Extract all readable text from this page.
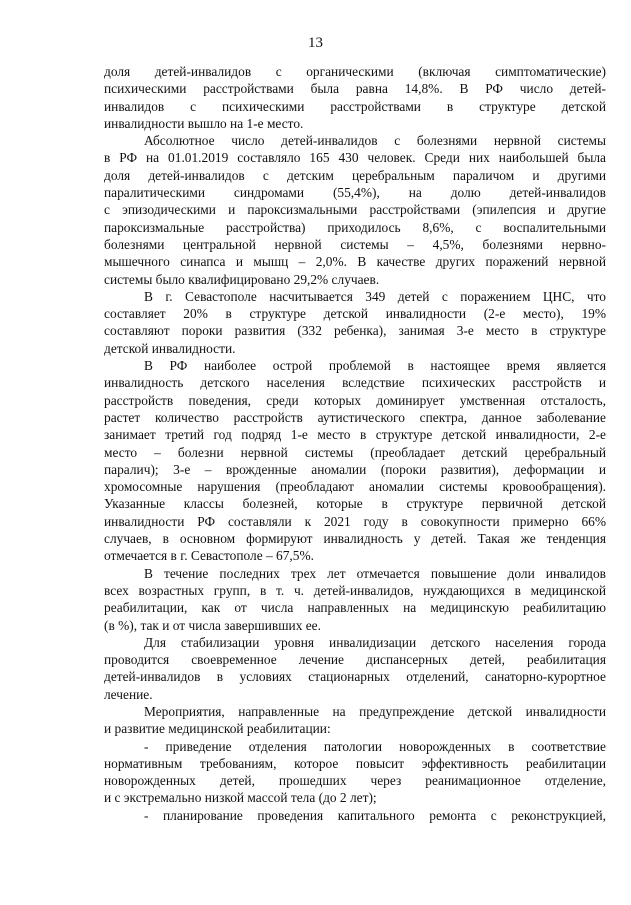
13
доля детей-инвалидов с органическими (включая симптоматические)
психическими расстройствами была равна 14,8%. В РФ число детей-
инвалидов с психическими расстройствами в структуре детской
инвалидности вышло на 1-е место.
Абсолютное число детей-инвалидов с болезнями нервной системы
в РФ на 01.01.2019 составляло 165 430 человек. Среди них наибольшей была
доля детей-инвалидов с детским церебральным параличом и другими
паралитическими синдромами (55,4%), на долю детей-инвалидов
с эпизодическими и пароксизмальными расстройствами (эпилепсия и другие
пароксизмальные расстройства) приходилось 8,6%, с воспалительными
болезнями центральной нервной системы – 4,5%, болезнями нервно-
мышечного синапса и мышц – 2,0%. В качестве других поражений нервной
системы было квалифицировано 29,2% случаев.
В г. Севастополе насчитывается 349 детей с поражением ЦНС, что
составляет 20% в структуре детской инвалидности (2-е место), 19%
составляют пороки развития (332 ребенка), занимая 3-е место в структуре
детской инвалидности.
В РФ наиболее острой проблемой в настоящее время является
инвалидность детского населения вследствие психических расстройств и
расстройств поведения, среди которых доминирует умственная отсталость,
растет количество расстройств аутистического спектра, данное заболевание
занимает третий год подряд 1-е место в структуре детской инвалидности, 2-е
место – болезни нервной системы (преобладает детский церебральный
паралич); 3-е – врожденные аномалии (пороки развития), деформации и
хромосомные нарушения (преобладают аномалии системы кровообращения).
Указанные классы болезней, которые в структуре первичной детской
инвалидности РФ составляли к 2021 году в совокупности примерно 66%
случаев, в основном формируют инвалидность у детей. Такая же тенденция
отмечается в г. Севастополе – 67,5%.
В течение последних трех лет отмечается повышение доли инвалидов
всех возрастных групп, в т. ч. детей-инвалидов, нуждающихся в медицинской
реабилитации, как от числа направленных на медицинскую реабилитацию
(в %), так и от числа завершивших ее.
Для стабилизации уровня инвалидизации детского населения города
проводится своевременное лечение диспансерных детей, реабилитация
детей-инвалидов в условиях стационарных отделений, санаторно-курортное
лечение.
Мероприятия, направленные на предупреждение детской инвалидности
и развитие медицинской реабилитации:
- приведение отделения патологии новорожденных в соответствие
нормативным требованиям, которое повысит эффективность реабилитации
новорожденных детей, прошедших через реанимационное отделение,
и с экстремально низкой массой тела (до 2 лет);
- планирование проведения капитального ремонта с реконструкцией,
